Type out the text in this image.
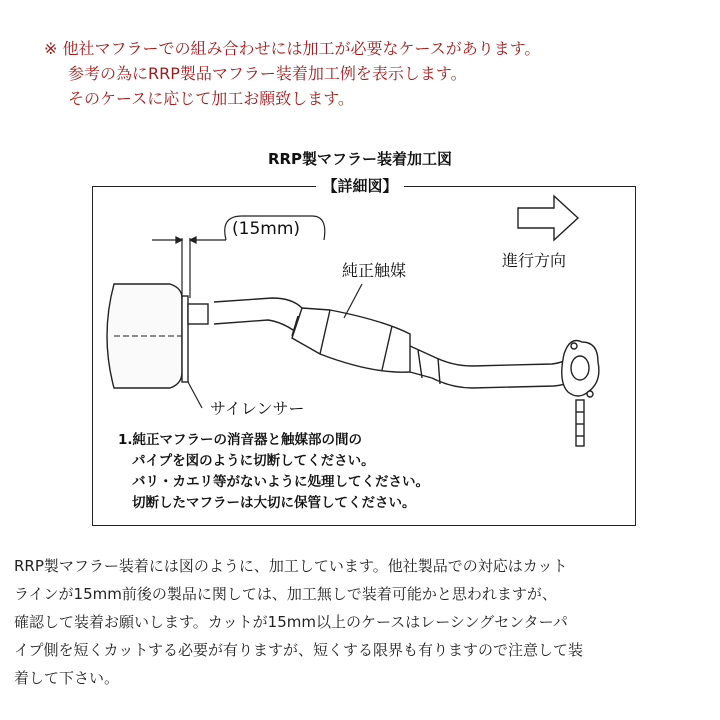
※ 他社マフラーでの組み合わせには加工が必要なケースがあります。
参考の為にRRP製品マフラー装着加工例を表示します。
そのケースに応じて加工お願致します。
RRP製マフラー装着加工図
【詳細図】
(15mm)
純正触媒
進行方向
サイレンサー
1.純正マフラーの消音器と触媒部の間の
パイプを図のように切断してください。
バリ・カエリ等がないように処理してください。
切断したマフラーは大切に保管してください。
RRP製マフラー装着には図のように、加工しています。他社製品での対応はカット
ラインが15mm前後の製品に関しては、加工無しで装着可能かと思われますが、
確認して装着お願いします。カットが15mm以上のケースはレーシングセンターパ
イプ側を短くカットする必要が有りますが、短くする限界も有りますので注意して装
着して下さい。
